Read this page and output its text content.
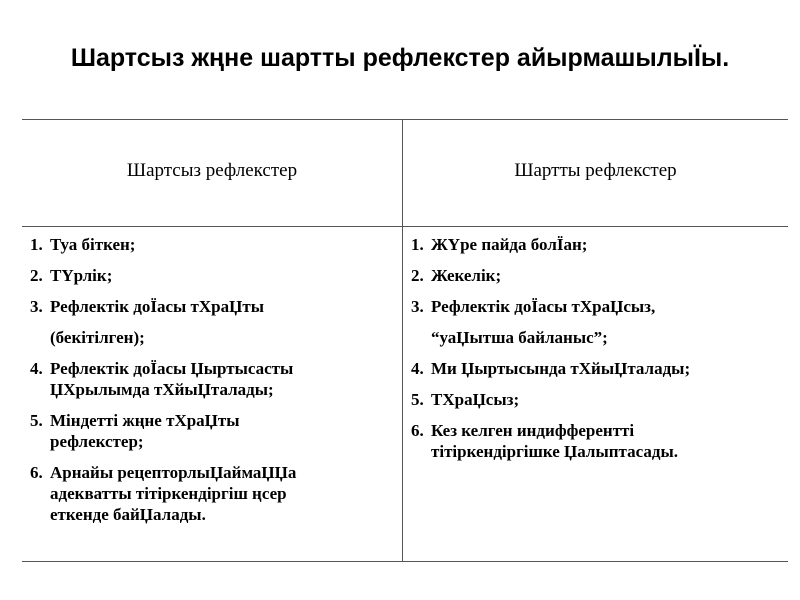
Шартсыз жңне шартты рефлекстер айырмашылыЇы.
Шартсыз рефлекстер	Шартты рефлекстер
1. Туа біткен;
2. ТҮрлік;
3. Рефлектік доЇасы тХраЏты
(бекітілген);
4. Рефлектік доЇасы Џыртысасты
ЏХрылымда тХйыЏталады;
5. Міндетті жңне тХраЏты
рефлекстер;
6. Арнайы рецепторлыЏаймаЏЏа
адекватты тітіркендіргіш ңсер
еткенде байЏалады.
1. ЖҮре пайда болЇан;
2. Жекелік;
3. Рефлектік доЇасы тХраЏсыз,
“уаЏытша байланыс”;
4. Ми Џыртысында тХйыЏталады;
5. ТХраЏсыз;
6. Кез келген индифферентті
тітіркендіргішке Џалыптасады.
